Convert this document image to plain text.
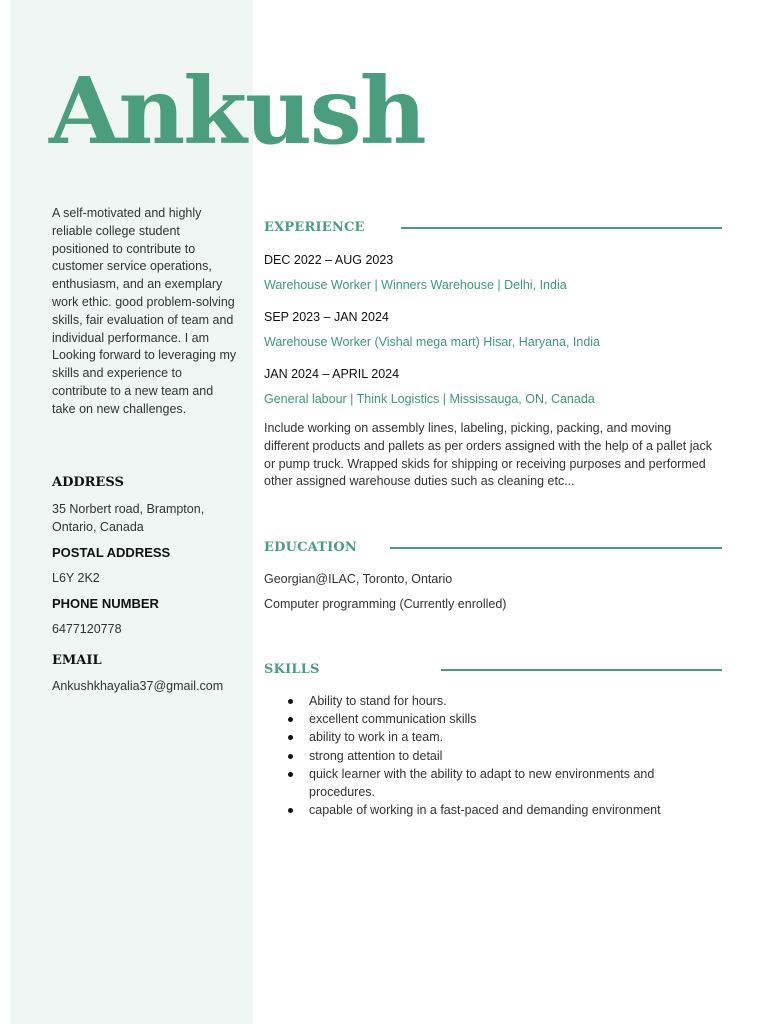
Ankush

A self-motivated and highly reliable college student positioned to contribute to customer service operations, enthusiasm, and an exemplary work ethic. good problem-solving skills, fair evaluation of team and individual performance. I am Looking forward to leveraging my skills and experience to contribute to a new team and take on new challenges.

ADDRESS

35 Norbert road, Brampton, Ontario, Canada

POSTAL ADDRESS

L6Y 2K2

PHONE NUMBER

6477120778

EMAIL

Ankushkhayalia37@gmail.com

EXPERIENCE

DEC 2022 – AUG 2023

Warehouse Worker | Winners Warehouse | Delhi, India

SEP 2023 – JAN 2024

Warehouse Worker (Vishal mega mart) Hisar, Haryana, India

JAN 2024 – APRIL 2024

General labour | Think Logistics | Mississauga, ON, Canada

Include working on assembly lines, labeling, picking, packing, and moving different products and pallets as per orders assigned with the help of a pallet jack or pump truck. Wrapped skids for shipping or receiving purposes and performed other assigned warehouse duties such as cleaning etc...

EDUCATION

Georgian@ILAC, Toronto, Ontario

Computer programming (Currently enrolled)

SKILLS
Ability to stand for hours.
excellent communication skills
ability to work in a team.
strong attention to detail
quick learner with the ability to adapt to new environments and procedures.
capable of working in a fast-paced and demanding environment
